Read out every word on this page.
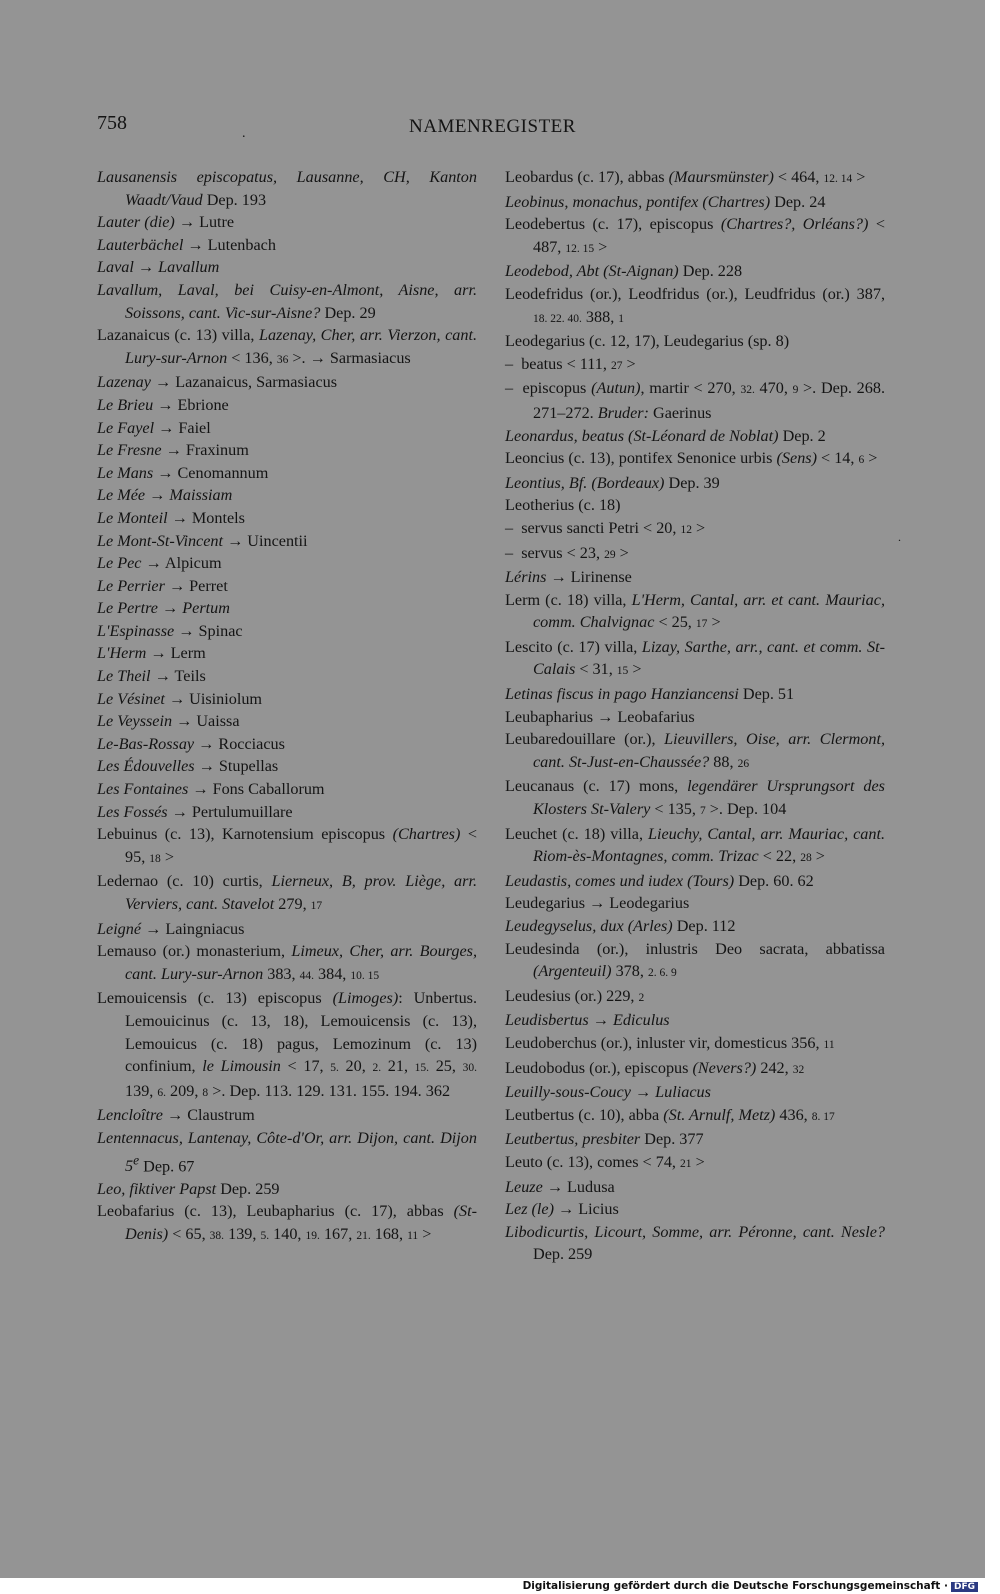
758	NAMENREGISTER
.
.
Lausanensis episcopatus, Lausanne, CH, Kanton Waadt/Vaud Dep. 193
Lauter (die) → Lutre
Lauterbächel → Lutenbach
Laval → Lavallum
Lavallum, Laval, bei Cuisy-en-Almont, Aisne, arr. Soissons, cant. Vic-sur-Aisne? Dep. 29
Lazanaicus (c. 13) villa, Lazenay, Cher, arr. Vierzon, cant. Lury-sur-Arnon < 136, 36 >. → Sarmasiacus
Lazenay → Lazanaicus, Sarmasiacus
Le Brieu → Ebrione
Le Fayel → Faiel
Le Fresne → Fraxinum
Le Mans → Cenomannum
Le Mée → Maissiam
Le Monteil → Montels
Le Mont-St-Vincent → Uincentii
Le Pec → Alpicum
Le Perrier → Perret
Le Pertre → Pertum
L'Espinasse → Spinac
L'Herm → Lerm
Le Theil → Teils
Le Vésinet → Uisiniolum
Le Veyssein → Uaissa
Le-Bas-Rossay → Rocciacus
Les Édouvelles → Stupellas
Les Fontaines → Fons Caballorum
Les Fossés → Pertulumuillare
Lebuinus (c. 13), Karnotensium episcopus (Chartres) < 95, 18 >
Ledernao (c. 10) curtis, Lierneux, B, prov. Liège, arr. Verviers, cant. Stavelot 279, 17
Leigné → Laingniacus
Lemauso (or.) monasterium, Limeux, Cher, arr. Bourges, cant. Lury-sur-Arnon 383, 44. 384, 10. 15
Lemouicensis (c. 13) episcopus (Limoges): Unbertus. Lemouicinus (c. 13, 18), Lemouicensis (c. 13), Lemouicus (c. 18) pagus, Lemozinum (c. 13) confinium, le Limousin < 17, 5. 20, 2. 21, 15. 25, 30. 139, 6. 209, 8 >. Dep. 113. 129. 131. 155. 194. 362
Lencloître → Claustrum
Lentennacus, Lantenay, Côte-d'Or, arr. Dijon, cant. Dijon 5e Dep. 67
Leo, fiktiver Papst Dep. 259
Leobafarius (c. 13), Leubapharius (c. 17), abbas (St-Denis) < 65, 38. 139, 5. 140, 19. 167, 21. 168, 11 >
Leobardus (c. 17), abbas (Maursmünster) < 464, 12. 14 >
Leobinus, monachus, pontifex (Chartres) Dep. 24
Leodebertus (c. 17), episcopus (Chartres?, Orléans?) < 487, 12. 15 >
Leodebod, Abt (St-Aignan) Dep. 228
Leodefridus (or.), Leodfridus (or.), Leudfridus (or.) 387, 18. 22. 40. 388, 1
Leodegarius (c. 12, 17), Leudegarius (sp. 8)
–  beatus < 111, 27 >
–  episcopus (Autun), martir < 270, 32. 470, 9 >. Dep. 268. 271–272. Bruder: Gaerinus
Leonardus, beatus (St-Léonard de Noblat) Dep. 2
Leoncius (c. 13), pontifex Senonice urbis (Sens) < 14, 6 >
Leontius, Bf. (Bordeaux) Dep. 39
Leotherius (c. 18)
–  servus sancti Petri < 20, 12 >
–  servus < 23, 29 >
Lérins → Lirinense
Lerm (c. 18) villa, L'Herm, Cantal, arr. et cant. Mauriac, comm. Chalvignac < 25, 17 >
Lescito (c. 17) villa, Lizay, Sarthe, arr., cant. et comm. St-Calais < 31, 15 >
Letinas fiscus in pago Hanziancensi Dep. 51
Leubapharius → Leobafarius
Leubaredouillare (or.), Lieuvillers, Oise, arr. Clermont, cant. St-Just-en-Chaussée? 88, 26
Leucanaus (c. 17) mons, legendärer Ursprungsort des Klosters St-Valery < 135, 7 >. Dep. 104
Leuchet (c. 18) villa, Lieuchy, Cantal, arr. Mauriac, cant. Riom-ès-Montagnes, comm. Trizac < 22, 28 >
Leudastis, comes und iudex (Tours) Dep. 60. 62
Leudegarius → Leodegarius
Leudegyselus, dux (Arles) Dep. 112
Leudesinda (or.), inlustris Deo sacrata, abbatissa (Argenteuil) 378, 2. 6. 9
Leudesius (or.) 229, 2
Leudisbertus → Ediculus
Leudoberchus (or.), inluster vir, domesticus 356, 11
Leudobodus (or.), episcopus (Nevers?) 242, 32
Leuilly-sous-Coucy → Luliacus
Leutbertus (c. 10), abba (St. Arnulf, Metz) 436, 8. 17
Leutbertus, presbiter Dep. 377
Leuto (c. 13), comes < 74, 21 >
Leuze → Ludusa
Lez (le) → Licius
Libodicurtis, Licourt, Somme, arr. Péronne, cant. Nesle? Dep. 259
Digitalisierung gefördert durch die Deutsche Forschungsgemeinschaft · DFG
